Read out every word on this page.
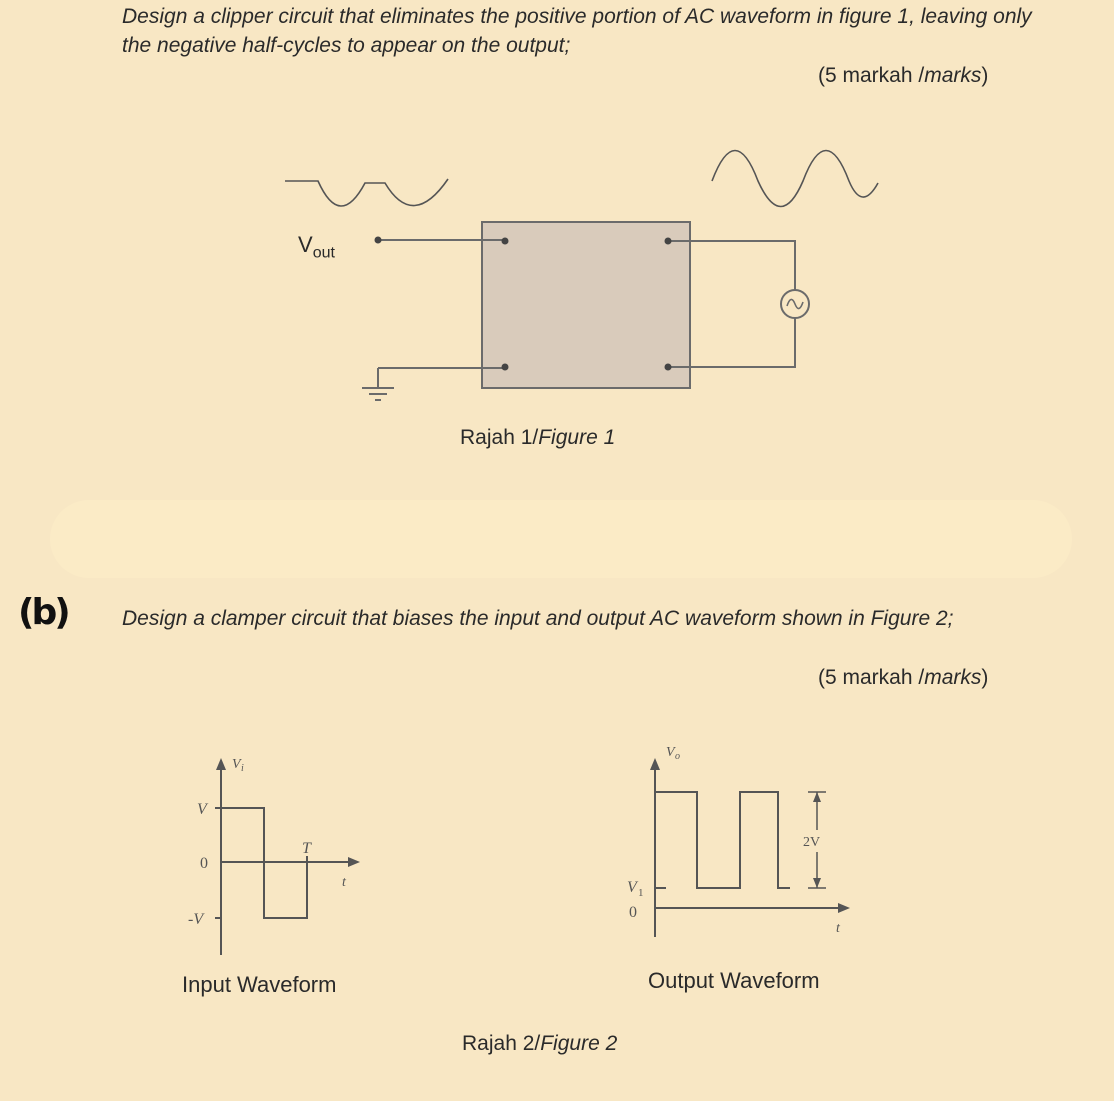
Design a clipper circuit that eliminates the positive portion of AC waveform in figure 1, leaving only the negative half-cycles to appear on the output;
(5 markah /marks)
$V_{out}$
Rajah 1/Figure 1
(b)	Design a clamper circuit that biases the input and output AC waveform shown in Figure 2;
(5 markah /marks)
V i
V
0
-V
T
t
V o
V 1
0
2V
t
Input Waveform	Output Waveform
Rajah 2/Figure 2
